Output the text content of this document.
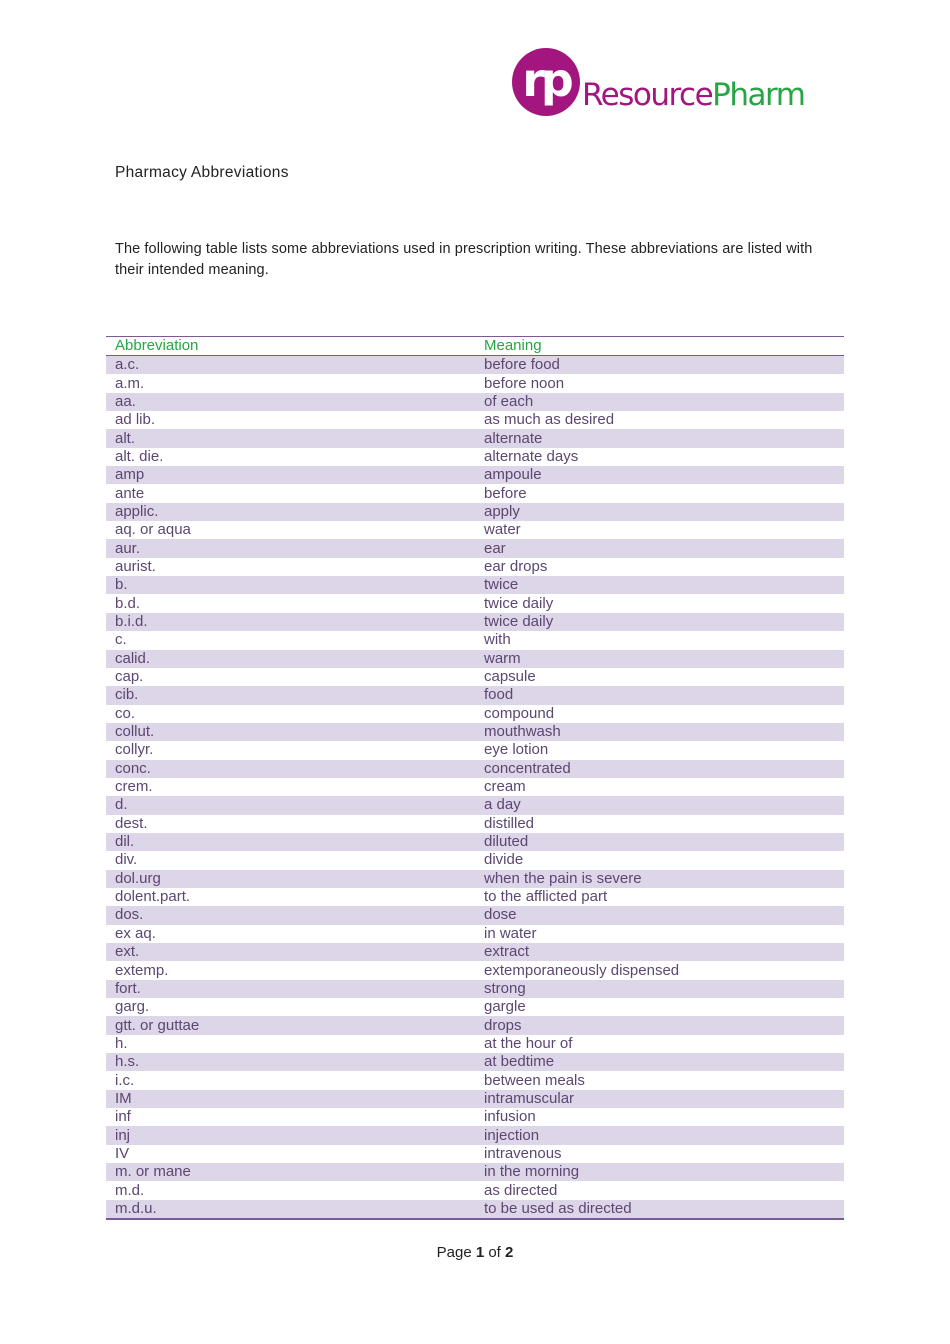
rp ResourcePharm
Pharmacy Abbreviations
The following table lists some abbreviations used in prescription writing. These abbreviations are listed with their intended meaning.
Abbreviation	Meaning
a.c.	before food
a.m.	before noon
aa.	of each
ad lib.	as much as desired
alt.	alternate
alt. die.	alternate days
amp	ampoule
ante	before
applic.	apply
aq. or aqua	water
aur.	ear
aurist.	ear drops
b.	twice
b.d.	twice daily
b.i.d.	twice daily
c.	with
calid.	warm
cap.	capsule
cib.	food
co.	compound
collut.	mouthwash
collyr.	eye lotion
conc.	concentrated
crem.	cream
d.	a day
dest.	distilled
dil.	diluted
div.	divide
dol.urg	when the pain is severe
dolent.part.	to the afflicted part
dos.	dose
ex aq.	in water
ext.	extract
extemp.	extemporaneously dispensed
fort.	strong
garg.	gargle
gtt. or guttae	drops
h.	at the hour of
h.s.	at bedtime
i.c.	between meals
IM	intramuscular
inf	infusion
inj	injection
IV	intravenous
m. or mane	in the morning
m.d.	as directed
m.d.u.	to be used as directed
Page 1 of 2
